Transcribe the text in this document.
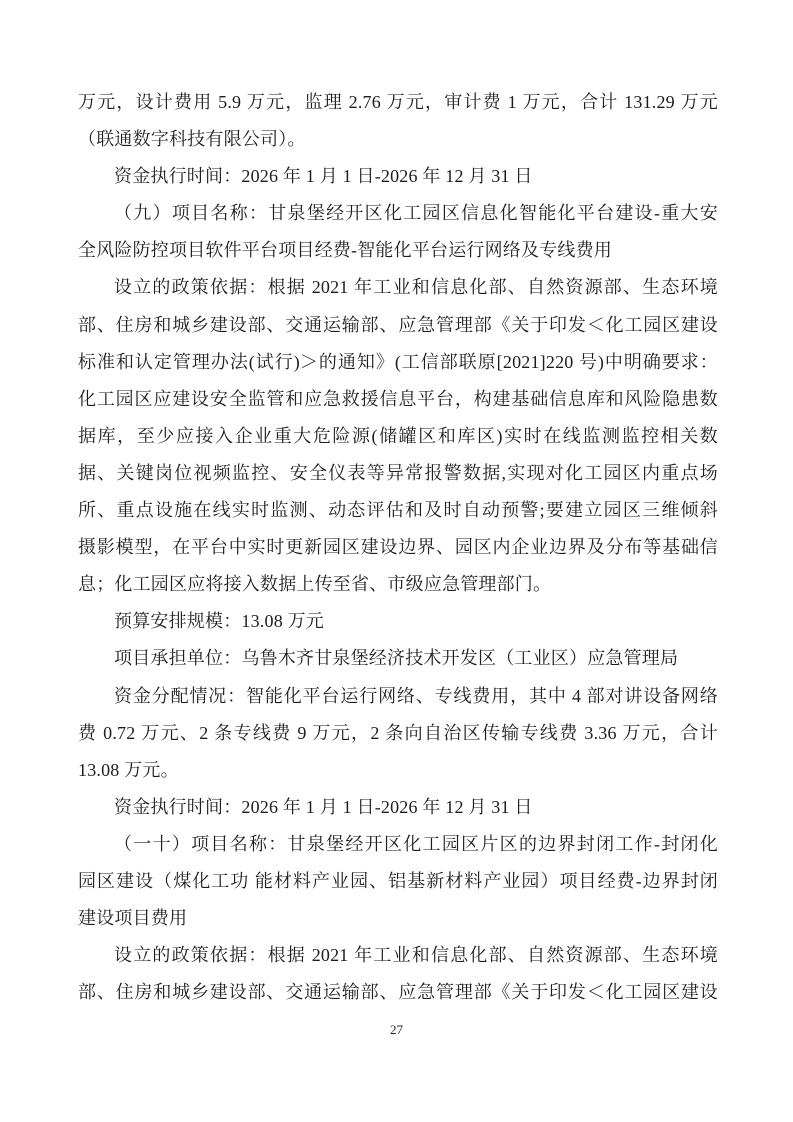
万元，设计费用 5.9 万元，监理 2.76 万元，审计费 1 万元，合计 131.29 万元
（联通数字科技有限公司）。
资金执行时间：2026 年 1 月 1 日-2026 年 12 月 31 日
（九）项目名称：甘泉堡经开区化工园区信息化智能化平台建设-重大安
全风险防控项目软件平台项目经费-智能化平台运行网络及专线费用
设立的政策依据：根据 2021 年工业和信息化部、自然资源部、生态环境
部、住房和城乡建设部、交通运输部、应急管理部《关于印发＜化工园区建设
标准和认定管理办法(试行)＞的通知》(工信部联原[2021]220 号)中明确要求：
化工园区应建设安全监管和应急救援信息平台，构建基础信息库和风险隐患数
据库，至少应接入企业重大危险源(储罐区和库区)实时在线监测监控相关数
据、关键岗位视频监控、安全仪表等异常报警数据,实现对化工园区内重点场
所、重点设施在线实时监测、动态评估和及时自动预警;要建立园区三维倾斜
摄影模型，在平台中实时更新园区建设边界、园区内企业边界及分布等基础信
息；化工园区应将接入数据上传至省、市级应急管理部门。
预算安排规模：13.08 万元
项目承担单位：乌鲁木齐甘泉堡经济技术开发区（工业区）应急管理局
资金分配情况：智能化平台运行网络、专线费用，其中 4 部对讲设备网络
费 0.72 万元、2 条专线费 9 万元，2 条向自治区传输专线费 3.36 万元，合计
13.08 万元。
资金执行时间：2026 年 1 月 1 日-2026 年 12 月 31 日
（一十）项目名称：甘泉堡经开区化工园区片区的边界封闭工作-封闭化
园区建设（煤化工功 能材料产业园、铝基新材料产业园）项目经费-边界封闭
建设项目费用
设立的政策依据：根据 2021 年工业和信息化部、自然资源部、生态环境
部、住房和城乡建设部、交通运输部、应急管理部《关于印发＜化工园区建设
27
